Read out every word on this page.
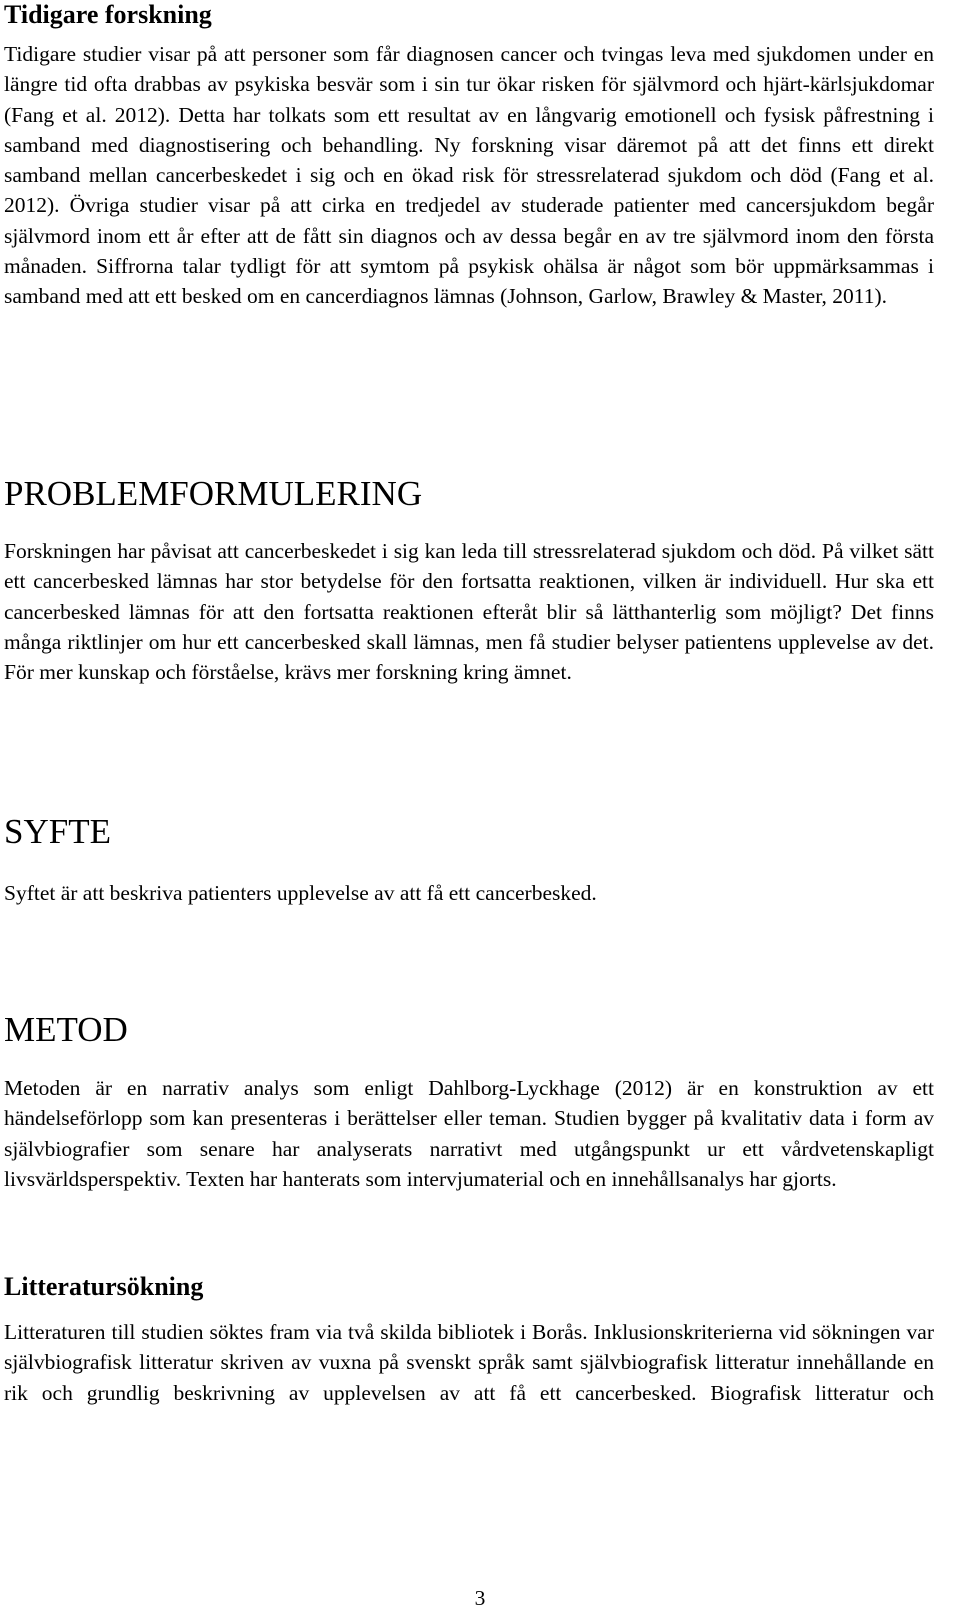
Tidigare forskning

Tidigare studier visar på att personer som får diagnosen cancer och tvingas leva med sjukdomen under en längre tid ofta drabbas av psykiska besvär som i sin tur ökar risken för självmord och hjärt-kärlsjukdomar (Fang et al. 2012). Detta har tolkats som ett resultat av en långvarig emotionell och fysisk påfrestning i samband med diagnostisering och behandling. Ny forskning visar däremot på att det finns ett direkt samband mellan cancerbeskedet i sig och en ökad risk för stressrelaterad sjukdom och död (Fang et al. 2012). Övriga studier visar på att cirka en tredjedel av studerade patienter med cancersjukdom begår självmord inom ett år efter att de fått sin diagnos och av dessa begår en av tre självmord inom den första månaden. Siffrorna talar tydligt för att symtom på psykisk ohälsa är något som bör uppmärksammas i samband med att ett besked om en cancerdiagnos lämnas (Johnson, Garlow, Brawley & Master, 2011).

PROBLEMFORMULERING

Forskningen har påvisat att cancerbeskedet i sig kan leda till stressrelaterad sjukdom och död. På vilket sätt ett cancerbesked lämnas har stor betydelse för den fortsatta reaktionen, vilken är individuell. Hur ska ett cancerbesked lämnas för att den fortsatta reaktionen efteråt blir så lätthanterlig som möjligt? Det finns många riktlinjer om hur ett cancerbesked skall lämnas, men få studier belyser patientens upplevelse av det. För mer kunskap och förståelse, krävs mer forskning kring ämnet.

SYFTE

Syftet är att beskriva patienters upplevelse av att få ett cancerbesked.

METOD

Metoden är en narrativ analys som enligt Dahlborg-Lyckhage (2012) är en konstruktion av ett händelseförlopp som kan presenteras i berättelser eller teman. Studien bygger på kvalitativ data i form av självbiografier som senare har analyserats narrativt med utgångspunkt ur ett vårdvetenskapligt livsvärldsperspektiv. Texten har hanterats som intervjumaterial och en innehållsanalys har gjorts.

Litteratursökning

Litteraturen till studien söktes fram via två skilda bibliotek i Borås. Inklusionskriterierna vid sökningen var självbiografisk litteratur skriven av vuxna på svenskt språk samt självbiografisk litteratur innehållande en rik och grundlig beskrivning av upplevelsen av att få ett cancerbesked. Biografisk litteratur och

3
